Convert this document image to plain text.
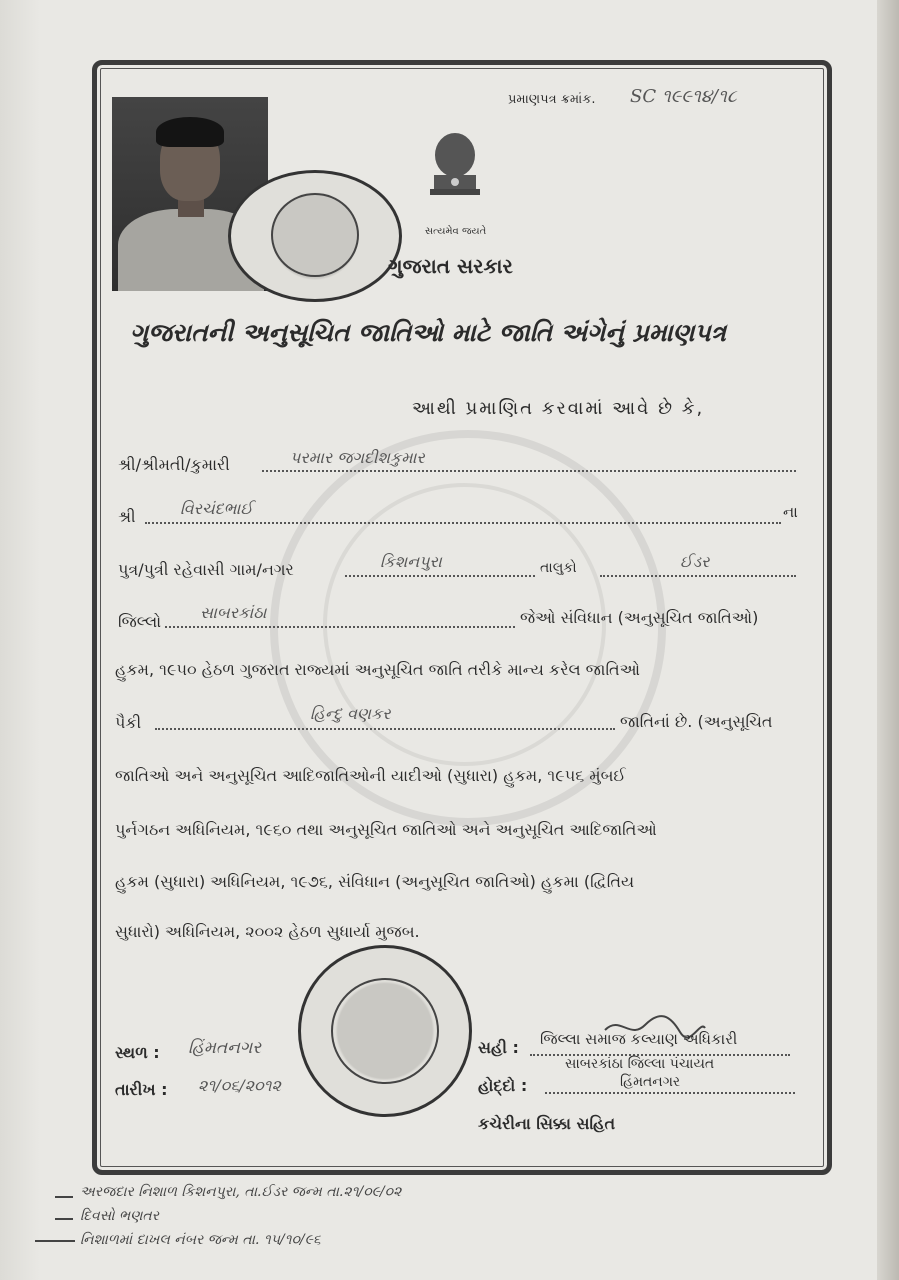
પ્રમાણપત્ર ક્રમાંક. SC ૧૯૯૧૪/૧૮
સત્યમેવ જયતે
ગુજરાત સરકાર
ગુજરાતની અનુસૂચિત જાતિઓ માટે જાતિ અંગેનું પ્રમાણપત્ર
આથી પ્રમાણિત કરવામાં આવે છે કે,
શ્રી/શ્રીમતી/કુમારી	પરમાર જગદીશકુમાર
શ્રી	વિરચંદભાઈ	ના
પુત્ર/પુત્રી રહેવાસી ગામ/નગર	કિશનપુરા	તાલુકો	ઈડર
જિલ્લો સાબરકાંઠા	જેઓ સંવિધાન (અનુસૂચિત જાતિઓ)
હુકમ, ૧૯૫૦ હેઠળ ગુજરાત રાજ્યમાં અનુસૂચિત જાતિ તરીકે માન્ય કરેલ જાતિઓ
પૈકી	હિન્દુ વણકર	જાતિનાં છે. (અનુસૂચિત
જાતિઓ અને અનુસૂચિત આદિજાતિઓની યાદીઓ (સુધારા) હુકમ, ૧૯૫૬ મુંબઈ
પુર્નગઠન અધિનિયમ, ૧૯૬૦ તથા અનુસૂચિત જાતિઓ અને અનુસૂચિત આદિજાતિઓ
હુકમ (સુધારા) અધિનિયમ, ૧૯૭૬, સંવિધાન (અનુસૂચિત જાતિઓ) હુકમા (દ્વિતિય
સુધારો) અધિનિયમ, ૨૦૦૨ હેઠળ સુધાર્યા મુજબ.
સ્થળ : હિંમતનગર
તારીખ : ૨૧/૦૬/૨૦૧૨
સહી : જિલ્લા સમાજ કલ્યાણ અધિકારી
સાબરકાંઠા જિલ્લા પંચાયત
હોદ્દો :	હિંમતનગર
કચેરીના સિક્કા સહિત
અરજદાર નિશાળ કિશનપુરા, તા.ઈડર જન્મ તા.૨૧/૦૯/૦૨
દિવસો ભણતર
નિશાળમાં દાખલ નંબર જન્મ તા. ૧૫/૧૦/૯૬
